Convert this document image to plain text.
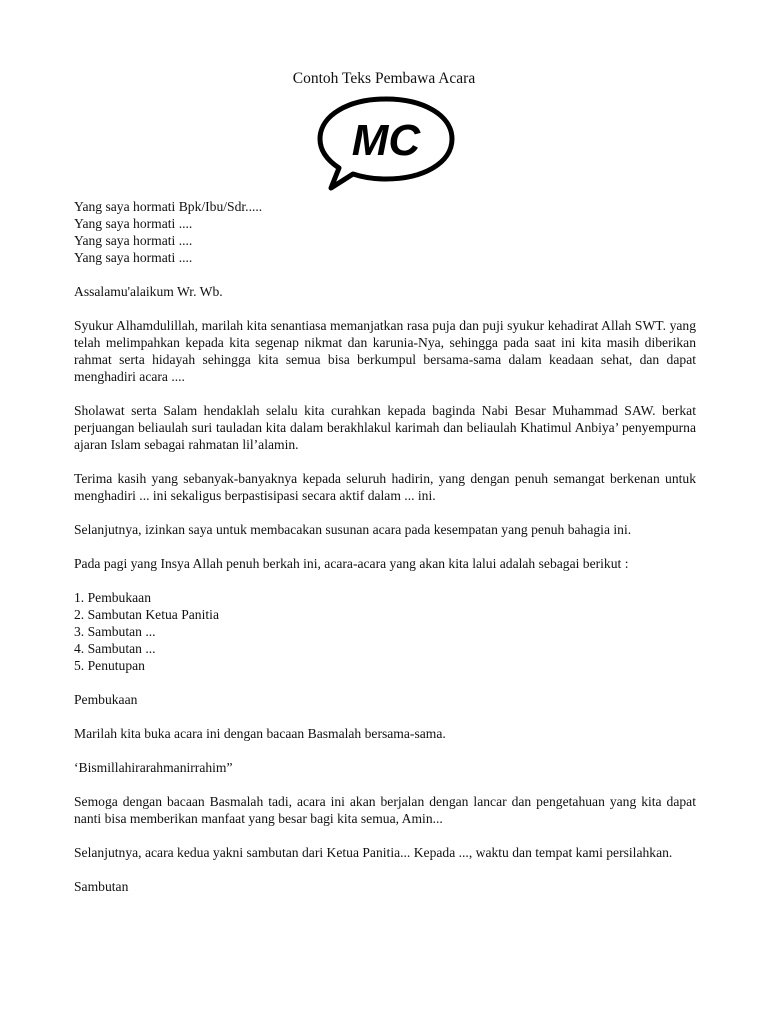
Contoh Teks Pembawa Acara
MC

Yang saya hormati Bpk/Ibu/Sdr.....
Yang saya hormati ....
Yang saya hormati ....
Yang saya hormati ....

Assalamu'alaikum Wr. Wb.

Syukur Alhamdulillah, marilah kita senantiasa memanjatkan rasa puja dan puji syukur kehadirat Allah SWT. yang telah melimpahkan kepada kita segenap nikmat dan karunia-Nya, sehingga pada saat ini kita masih diberikan rahmat serta hidayah sehingga kita semua bisa berkumpul bersama-sama dalam keadaan sehat, dan dapat menghadiri acara ....

Sholawat serta Salam hendaklah selalu kita curahkan kepada baginda Nabi Besar Muhammad SAW. berkat perjuangan beliaulah suri tauladan kita dalam berakhlakul karimah dan beliaulah Khatimul Anbiya’ penyempurna ajaran Islam sebagai rahmatan lil’alamin.

Terima kasih yang sebanyak-banyaknya kepada seluruh hadirin, yang dengan penuh semangat berkenan untuk menghadiri ... ini sekaligus berpastisipasi secara aktif dalam ... ini.

Selanjutnya, izinkan saya untuk membacakan susunan acara pada kesempatan yang penuh bahagia ini.

Pada pagi yang Insya Allah penuh berkah ini, acara-acara yang akan kita lalui adalah sebagai berikut :

1. Pembukaan
2. Sambutan Ketua Panitia
3. Sambutan ...
4. Sambutan ...
5. Penutupan

Pembukaan

Marilah kita buka acara ini dengan bacaan Basmalah bersama-sama.

‘Bismillahirarahmanirrahim”

Semoga dengan bacaan Basmalah tadi, acara ini akan berjalan dengan lancar dan pengetahuan yang kita dapat nanti bisa memberikan manfaat yang besar bagi kita semua, Amin...

Selanjutnya, acara kedua yakni sambutan dari Ketua Panitia... Kepada ..., waktu dan tempat kami persilahkan.

Sambutan
